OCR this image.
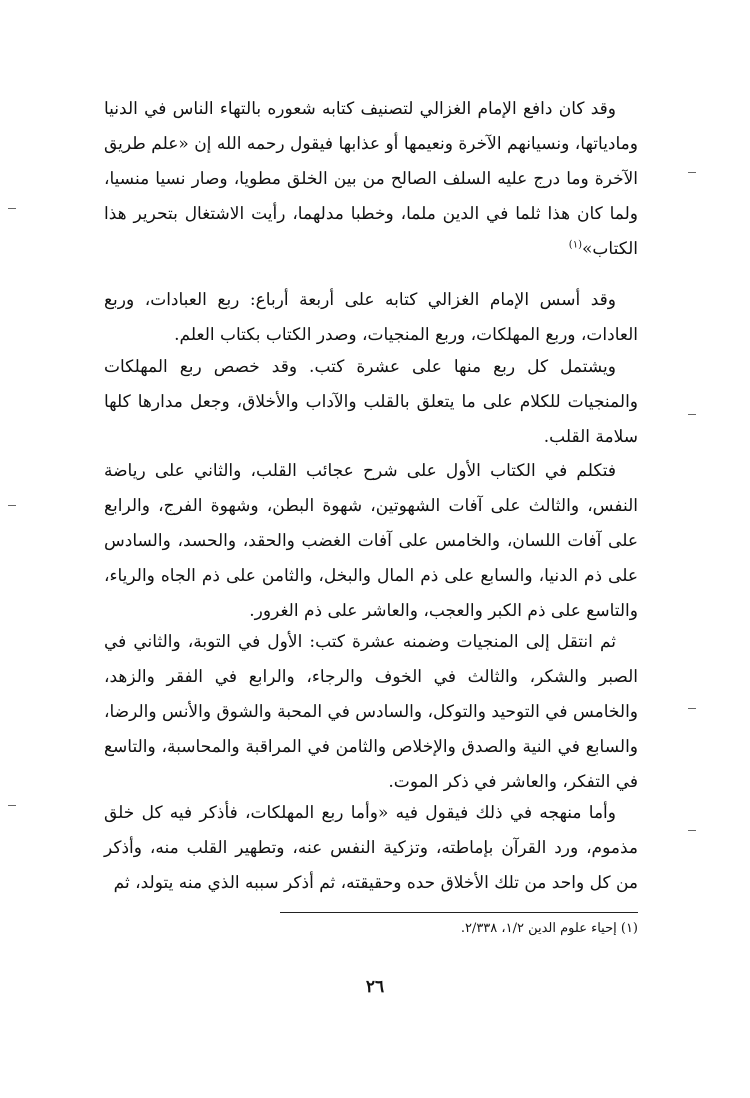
وقد كان دافع الإمام الغزالي لتصنيف كتابه شعوره بالتهاء الناس في الدنيا وماديا‌تها، ونسيانهم الآخرة ونعيمها أو عذابها فيقول رحمه الله إن «علم طريق الآخرة وما درج عليه السلف الصالح من بين الخلق مطويا، وصار نسيا منسيا، ولما كان هذا ثلما في الدين ملما، وخطبا مدلهما، رأيت الاشتغال بتحرير هذا الكتاب»$^{(١)}$

وقد أسس الإمام الغزالي كتابه على أربعة أرباع: ربع العبادات، وربع العادات، وربع المهلكات، وربع المنجيات، وصدر الكتاب بكتاب العلم.

ويشتمل كل ربع منها على عشرة كتب. وقد خصص ربع المهلكات والمنجيات للكلام على ما يتعلق بالقلب والآداب والأخلاق، وجعل مدارها كلها سلامة القلب.

فتكلم في الكتاب الأول على شرح عجائب القلب، والثاني على رياضة النفس، والثالث على آفات الشهوتين، شهوة البطن، وشهوة الفرج، والرابع على آفات اللسان، والخامس على آفات الغضب والحقد، والحسد، والسادس على ذم الدنيا، والسابع على ذم المال والبخل، والثامن على ذم الجاه والرياء، والتاسع على ذم الكبر والعجب، والعاشر على ذم الغرور.

ثم انتقل إلى المنجيات وضمنه عشرة كتب: الأول في التوبة، والثاني في الصبر والشكر، والثالث في الخوف والرجاء، والرابع في الفقر والزهد، والخامس في التوحيد والتوكل، والسادس في المحبة والشوق والأنس والرضا، والسابع في النية والصدق والإخلاص والثامن في المراقبة والمحاسبة، والتاسع في التفكر، والعاشر في ذكر الموت.

وأما منهجه في ذلك فيقول فيه «وأما ربع المهلكات، فأذكر فيه كل خلق مذموم، ورد القرآن بإماطته، وتزكية النفس عنه، وتطهير القلب منه، وأذكر من كل واحد من تلك الأخلاق حده وحقيقته، ثم أذكر سببه الذي منه يتولد، ثم

(١) إحياء علوم الدين ١/٢، ٢/٣٣٨.

٢٦
